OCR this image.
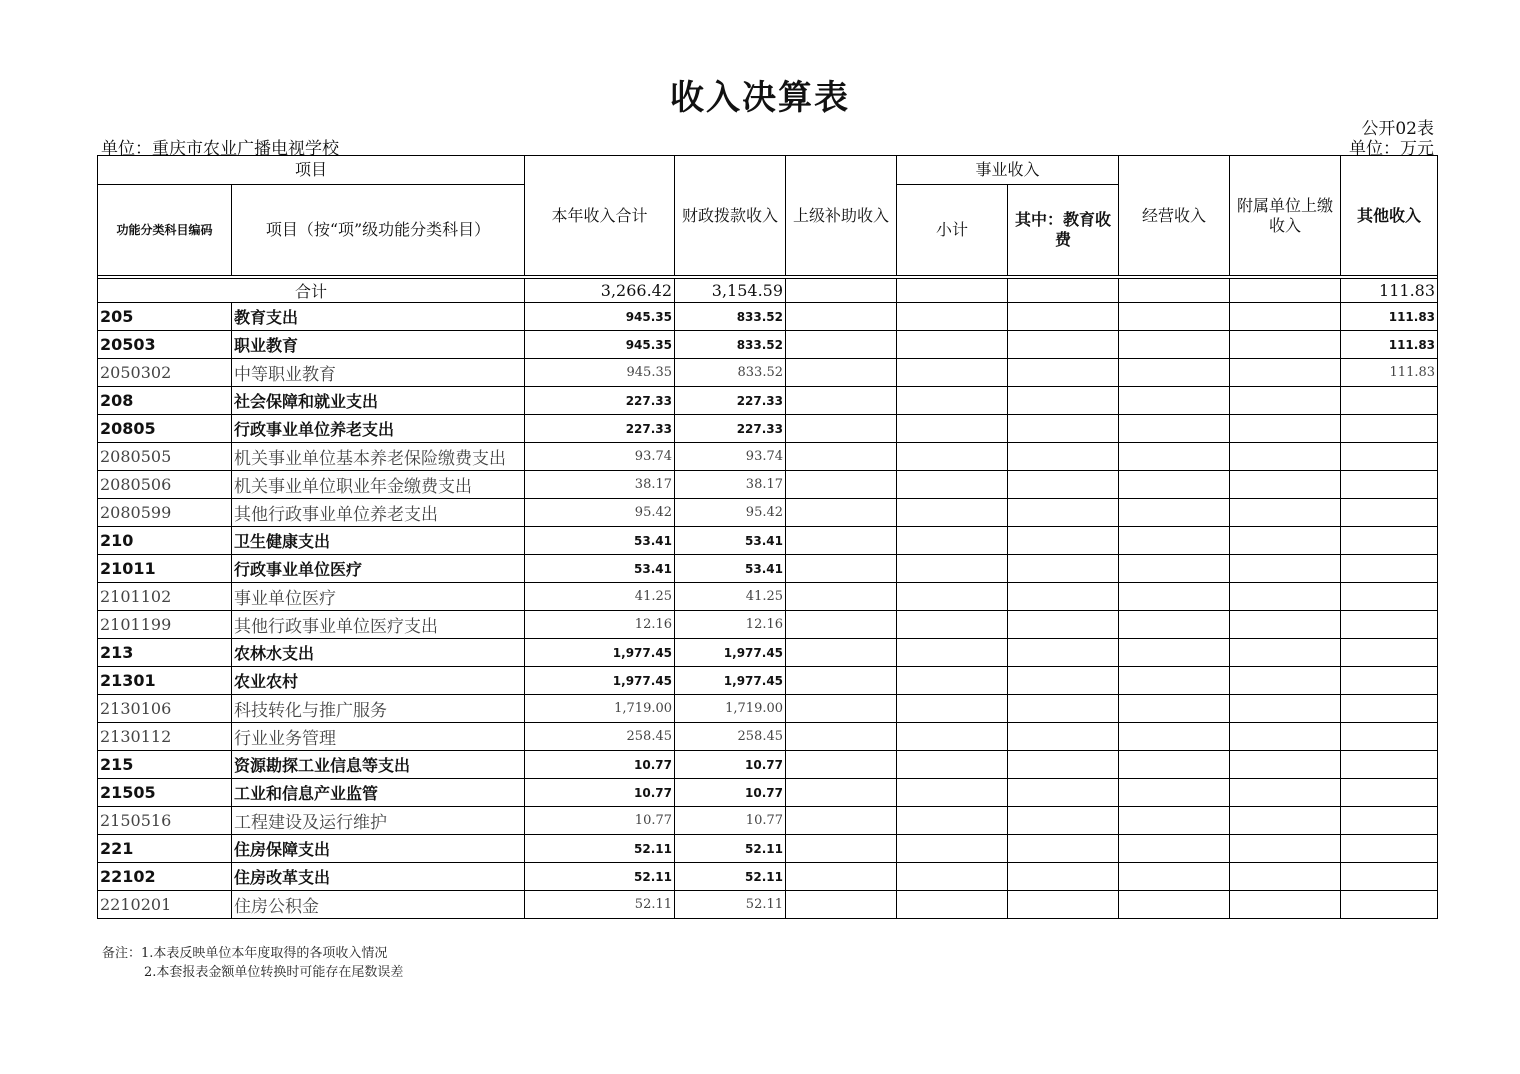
收入决算表
公开02表
单位：重庆市农业广播电视学校	单位：万元
项目		本年收入合计	财政拨款收入	上级补助收入	事业收入		经营收入	附属单位上缴收入	其他收入
功能分类科目编码	项目（按“项”级功能分类科目）				小计	其中：教育收费			

合计		3,266.42	3,154.59						111.83
205	教育支出	945.35	833.52						111.83
20503	职业教育	945.35	833.52						111.83
2050302	中等职业教育	945.35	833.52						111.83
208	社会保障和就业支出	227.33	227.33						
20805	行政事业单位养老支出	227.33	227.33						
2080505	机关事业单位基本养老保险缴费支出	93.74	93.74						
2080506	机关事业单位职业年金缴费支出	38.17	38.17						
2080599	其他行政事业单位养老支出	95.42	95.42						
210	卫生健康支出	53.41	53.41						
21011	行政事业单位医疗	53.41	53.41						
2101102	事业单位医疗	41.25	41.25						
2101199	其他行政事业单位医疗支出	12.16	12.16						
213	农林水支出	1,977.45	1,977.45						
21301	农业农村	1,977.45	1,977.45						
2130106	科技转化与推广服务	1,719.00	1,719.00						
2130112	行业业务管理	258.45	258.45						
215	资源勘探工业信息等支出	10.77	10.77						
21505	工业和信息产业监管	10.77	10.77						
2150516	工程建设及运行维护	10.77	10.77						
221	住房保障支出	52.11	52.11						
22102	住房改革支出	52.11	52.11						
2210201	住房公积金	52.11	52.11						
备注：1.本表反映单位本年度取得的各项收入情况
2.本套报表金额单位转换时可能存在尾数误差
